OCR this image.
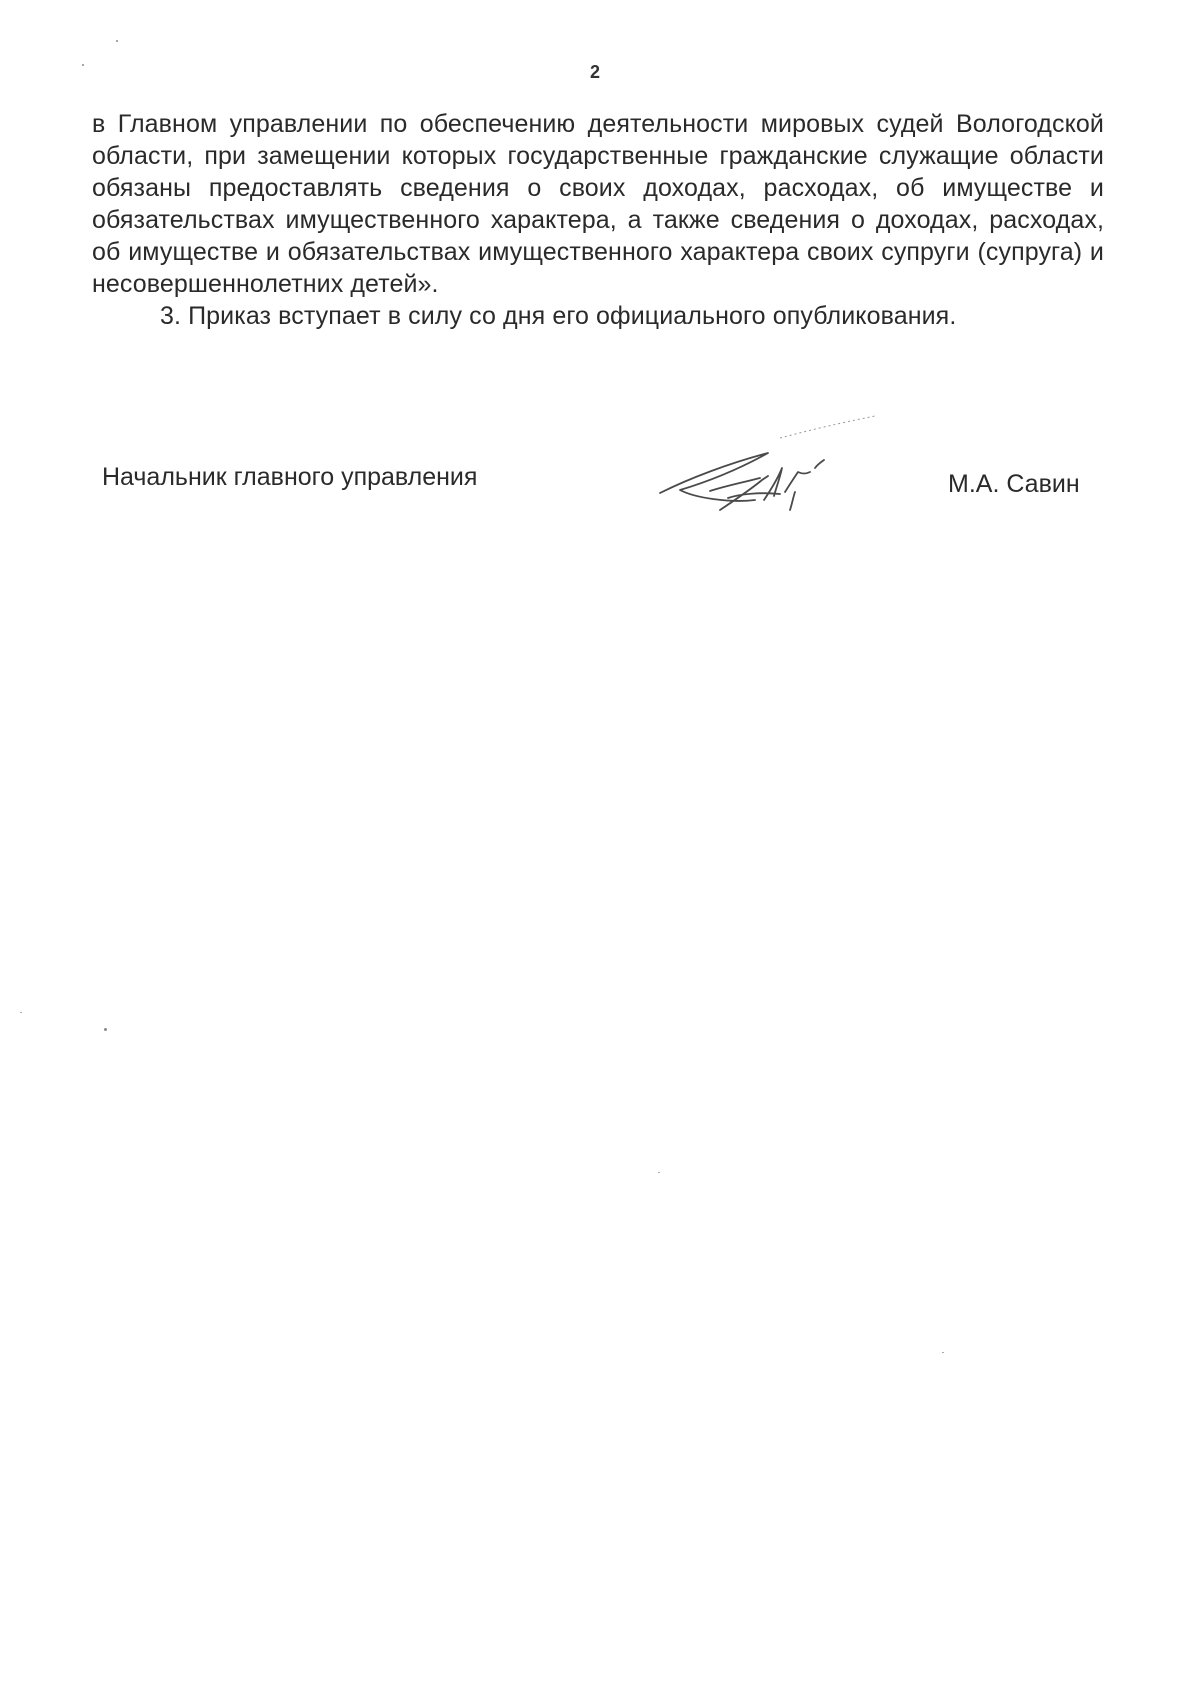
2

в Главном управлении по обеспечению деятельности мировых судей Вологодской области, при замещении которых государственные гражданские служащие области обязаны предоставлять сведения о своих доходах, расходах, об имуществе и обязательствах имущественного характера, а также сведения о доходах, расходах, об имуществе и обязательствах имущественного характера своих супруги (супруга) и несовершеннолетних детей».

3. Приказ вступает в силу со дня его официального опубликования.

Начальник главного управления	М.А. Савин
